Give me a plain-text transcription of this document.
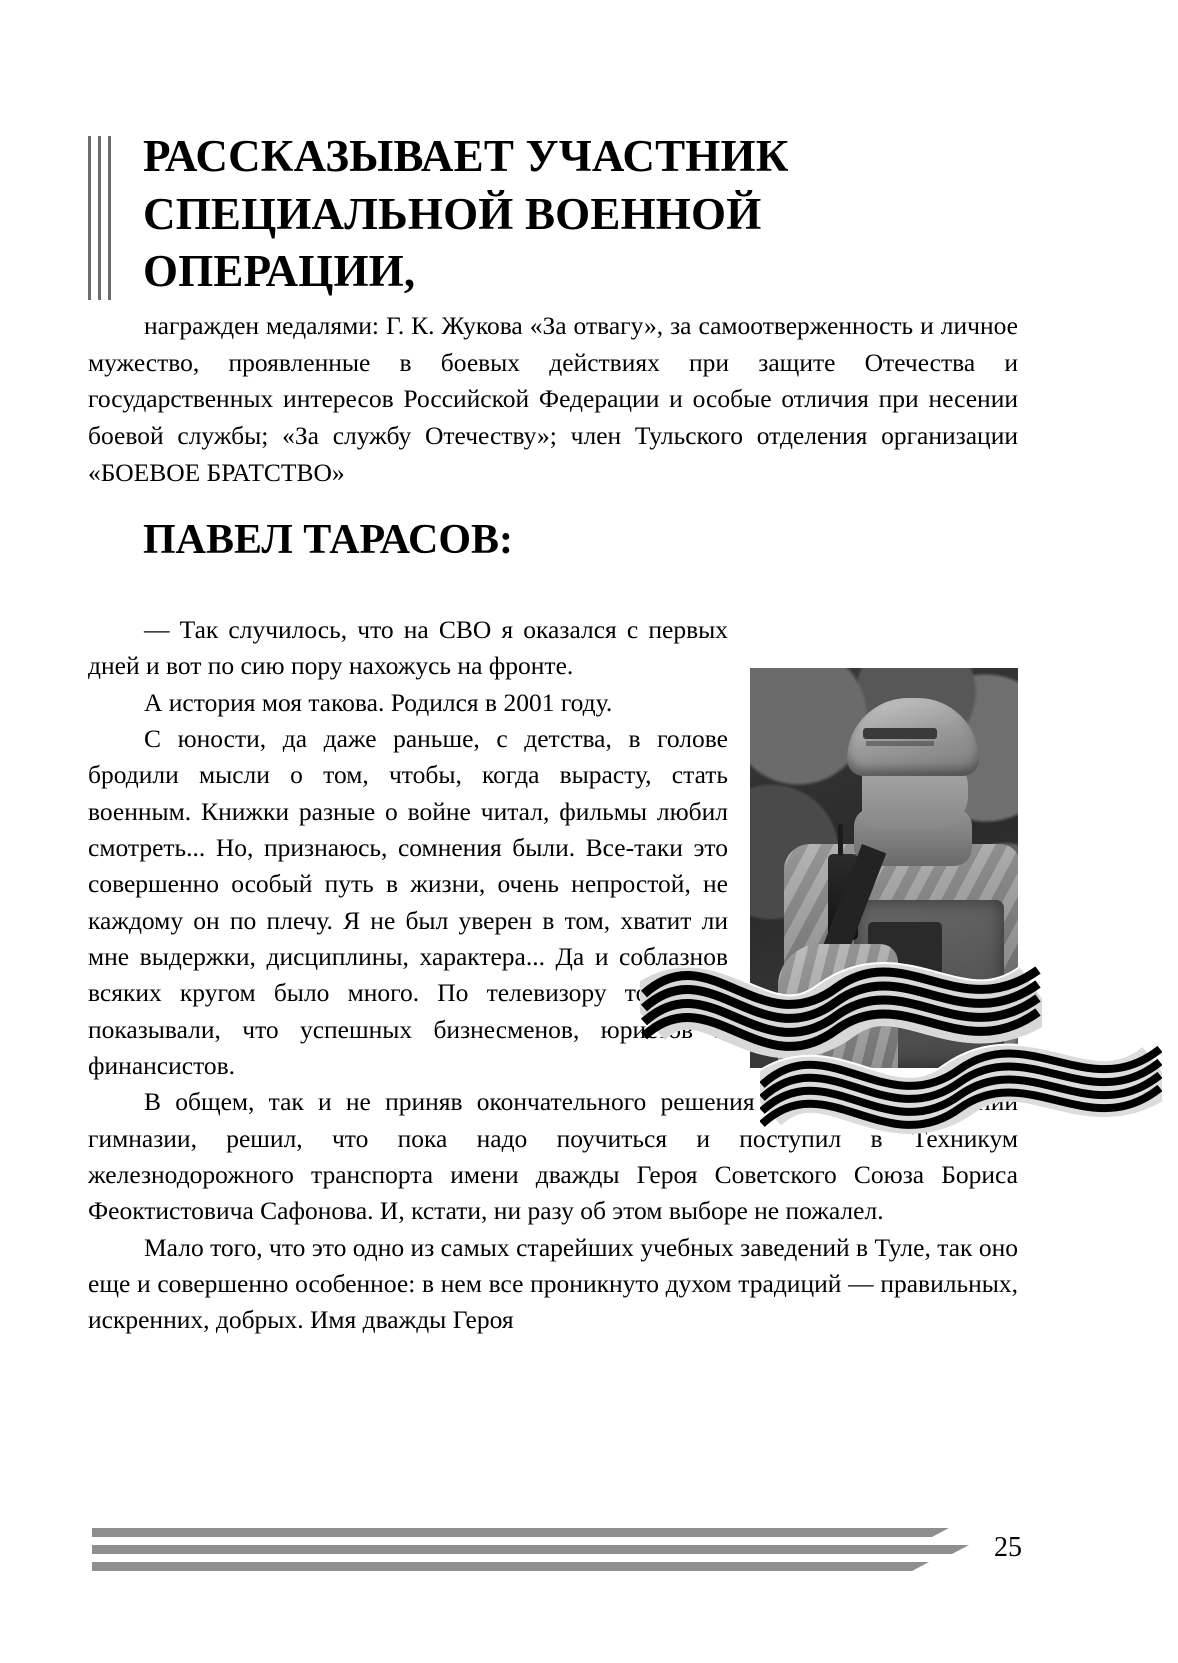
РАССКАЗЫВАЕТ УЧАСТНИК СПЕЦИАЛЬНОЙ ВОЕННОЙ ОПЕРАЦИИ,

награжден медалями: Г. К. Жукова «За отвагу», за самоотверженность и личное мужество, проявленные в боевых действиях при защите Отечества и государственных интересов Российской Федерации и особые отличия при несении боевой службы; «За службу Отечеству»; член Тульского отделения организации «БОЕВОЕ БРАТСТВО»

ПАВЕЛ ТАРАСОВ:

— Так случилось, что на СВО я оказался с первых дней и вот по сию пору нахожусь на фронте.

А история моя такова. Родился в 2001 году.

С юности, да даже раньше, с детства, в голове бродили мысли о том, чтобы, когда вырасту, стать военным. Книжки разные о войне читал, фильмы любил смотреть... Но, признаюсь, сомнения были. Все-таки это совершенно особый путь в жизни, очень непростой, не каждому он по плечу. Я не был уверен в том, хватит ли мне выдержки, дисциплины, характера... Да и соблазнов всяких кругом было много. По телевизору только и показывали, что успешных бизнесменов, юристов и финансистов.

В общем, так и не приняв окончательного решения к моменту окончании гимназии, решил, что пока надо поучиться и поступил в Техникум железнодорожного транспорта имени дважды Героя Советского Союза Бориса Феоктистовича Сафонова. И, кстати, ни разу об этом выборе не пожалел.

Мало того, что это одно из самых старейших учебных заведений в Туле, так оно еще и совершенно особенное: в нем все проникнуто духом традиций — правильных, искренних, добрых. Имя дважды Героя

25
